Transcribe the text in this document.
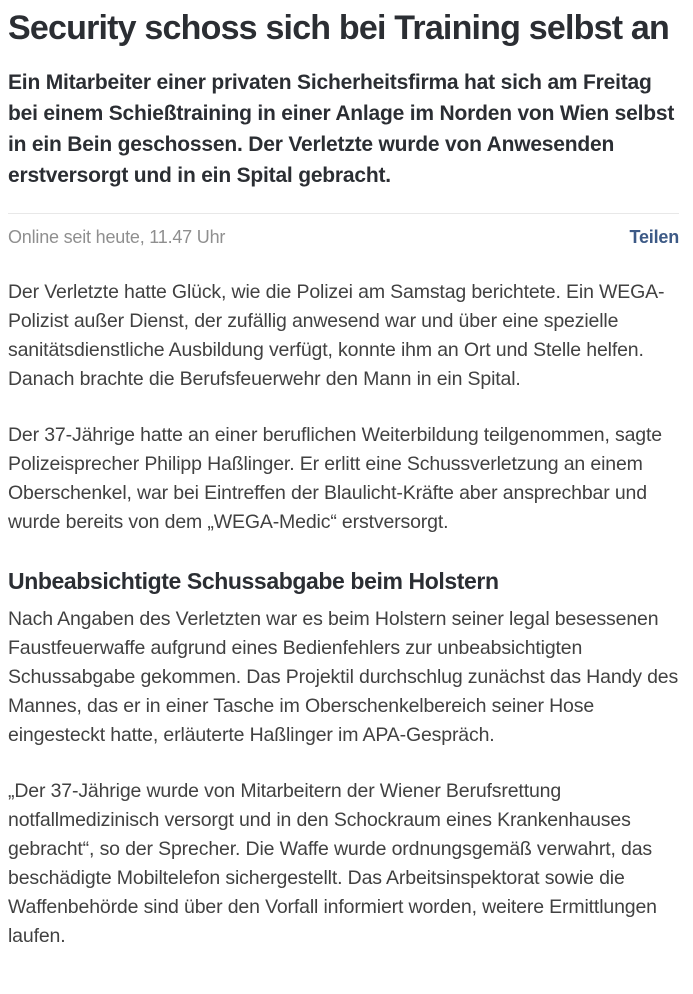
Security schoss sich bei Training selbst an

Ein Mitarbeiter einer privaten Sicherheitsfirma hat sich am Freitag bei einem Schießtraining in einer Anlage im Norden von Wien selbst in ein Bein geschossen. Der Verletzte wurde von Anwesenden erstversorgt und in ein Spital gebracht.

Online seit heute, 11.47 Uhr	Teilen

Der Verletzte hatte Glück, wie die Polizei am Samstag berichtete. Ein WEGA-Polizist außer Dienst, der zufällig anwesend war und über eine spezielle sanitätsdienstliche Ausbildung verfügt, konnte ihm an Ort und Stelle helfen. Danach brachte die Berufsfeuerwehr den Mann in ein Spital.

Der 37-Jährige hatte an einer beruflichen Weiterbildung teilgenommen, sagte Polizeisprecher Philipp Haßlinger. Er erlitt eine Schussverletzung an einem Oberschenkel, war bei Eintreffen der Blaulicht-Kräfte aber ansprechbar und wurde bereits von dem „WEGA-Medic“ erstversorgt.

Unbeabsichtigte Schussabgabe beim Holstern

Nach Angaben des Verletzten war es beim Holstern seiner legal besessenen Faustfeuerwaffe aufgrund eines Bedienfehlers zur unbeabsichtigten Schussabgabe gekommen. Das Projektil durchschlug zunächst das Handy des Mannes, das er in einer Tasche im Oberschenkelbereich seiner Hose eingesteckt hatte, erläuterte Haßlinger im APA-Gespräch.

„Der 37-Jährige wurde von Mitarbeitern der Wiener Berufsrettung notfallmedizinisch versorgt und in den Schockraum eines Krankenhauses gebracht“, so der Sprecher. Die Waffe wurde ordnungsgemäß verwahrt, das beschädigte Mobiltelefon sichergestellt. Das Arbeitsinspektorat sowie die Waffenbehörde sind über den Vorfall informiert worden, weitere Ermittlungen laufen.
